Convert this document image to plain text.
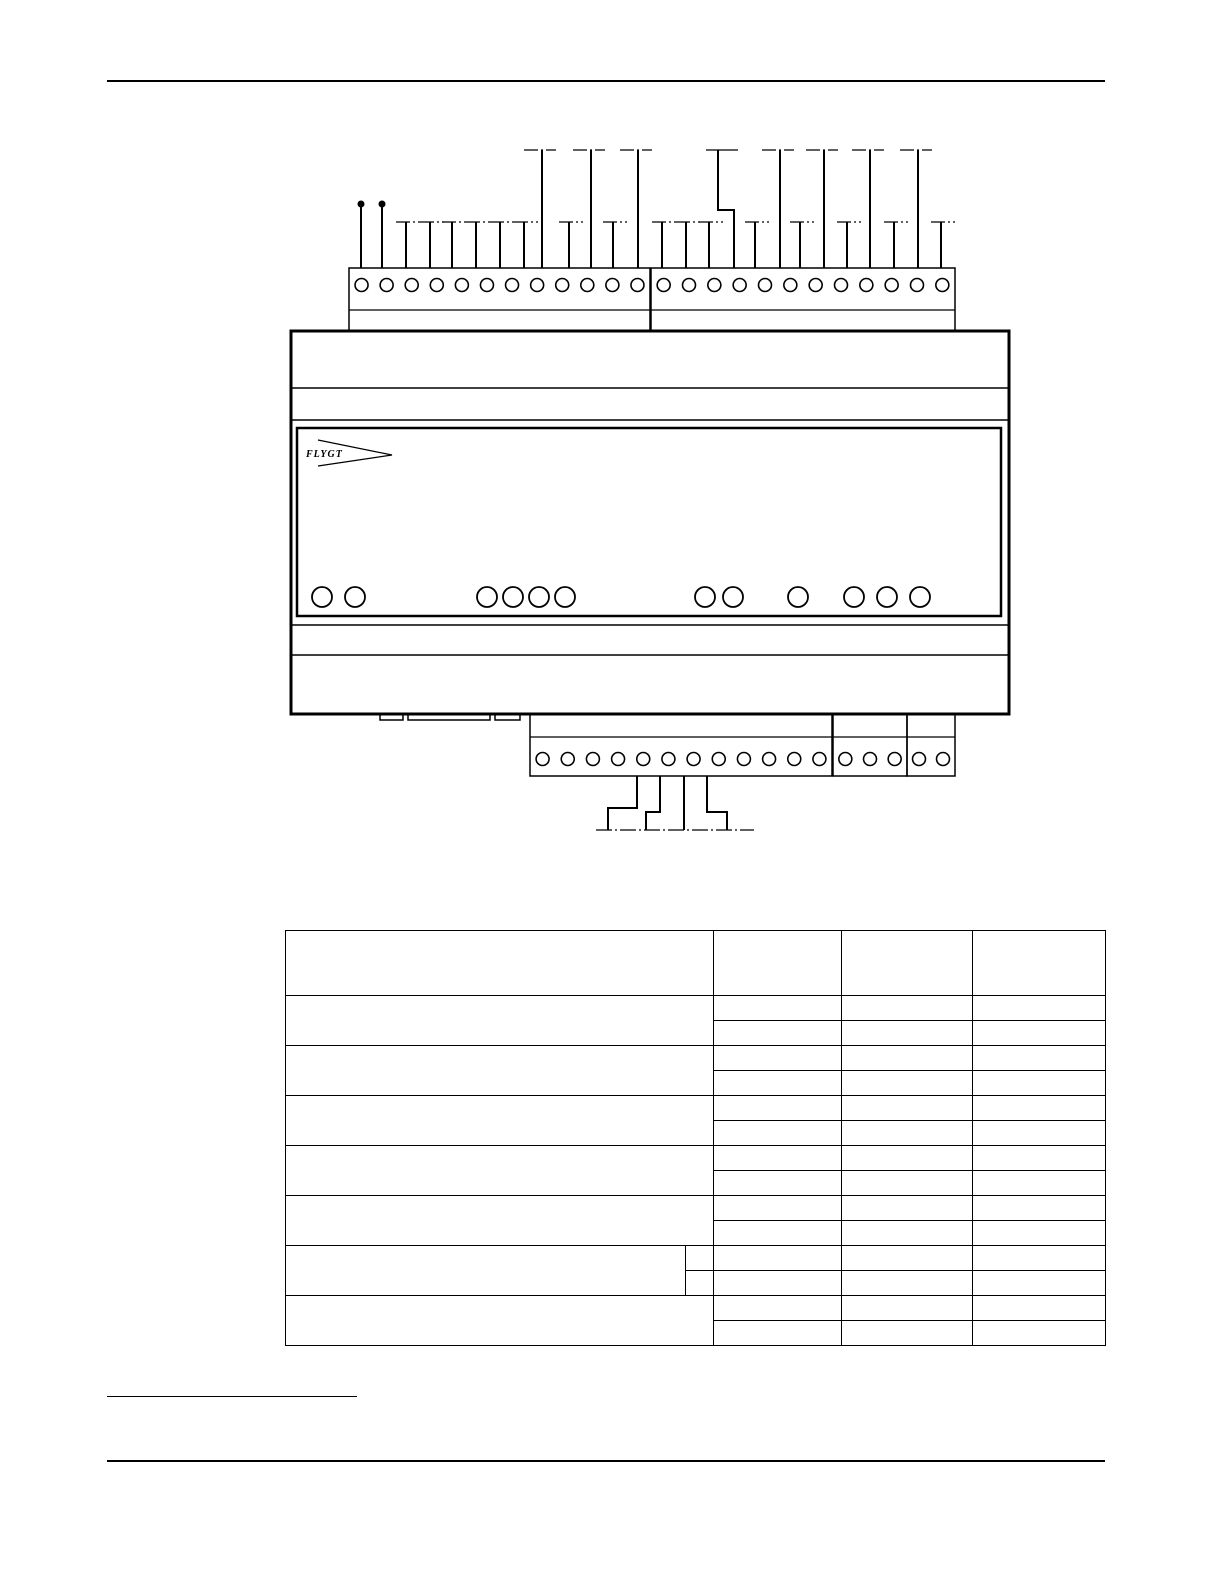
FLYGT
